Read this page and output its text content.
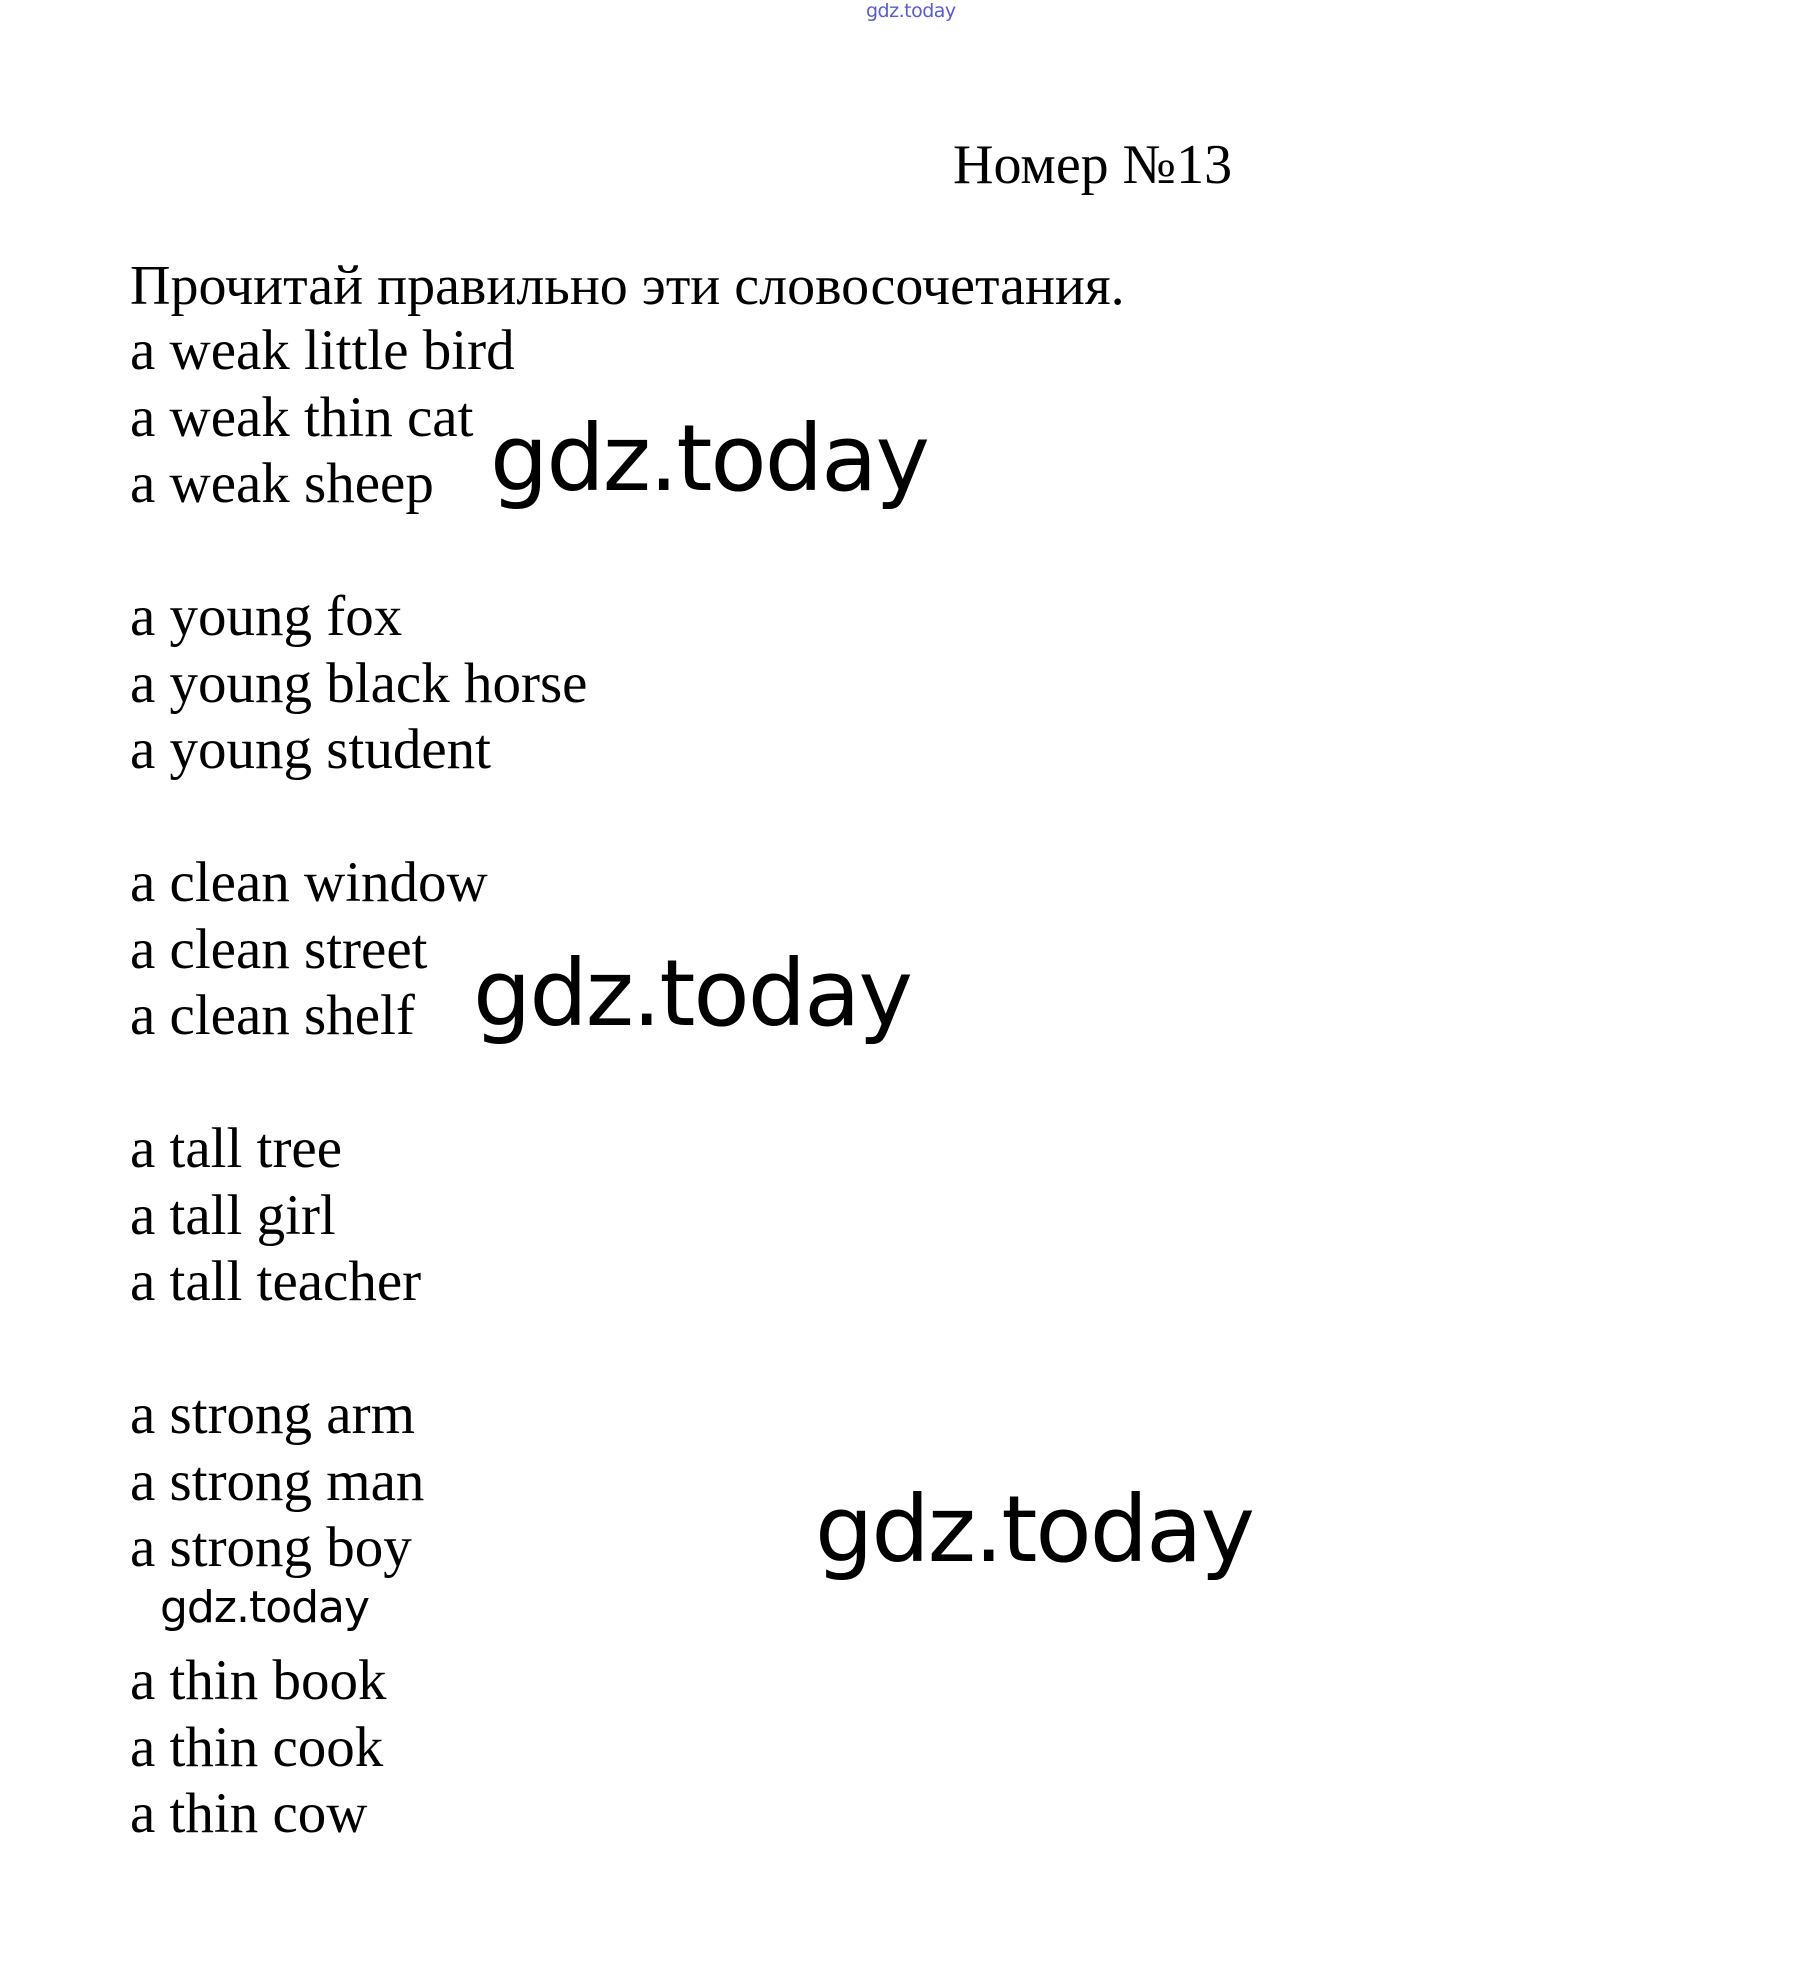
gdz.today
Номер №13
Прочитай правильно эти словосочетания.
a weak little bird
a weak thin cat
a weak sheep
a young fox
a young black horse
a young student
a clean window
a clean street
a clean shelf
a tall tree
a tall girl
a tall teacher
a strong arm
a strong man
a strong boy
a thin book
a thin cook
a thin cow
gdz.today
gdz.today
gdz.today
gdz.today
